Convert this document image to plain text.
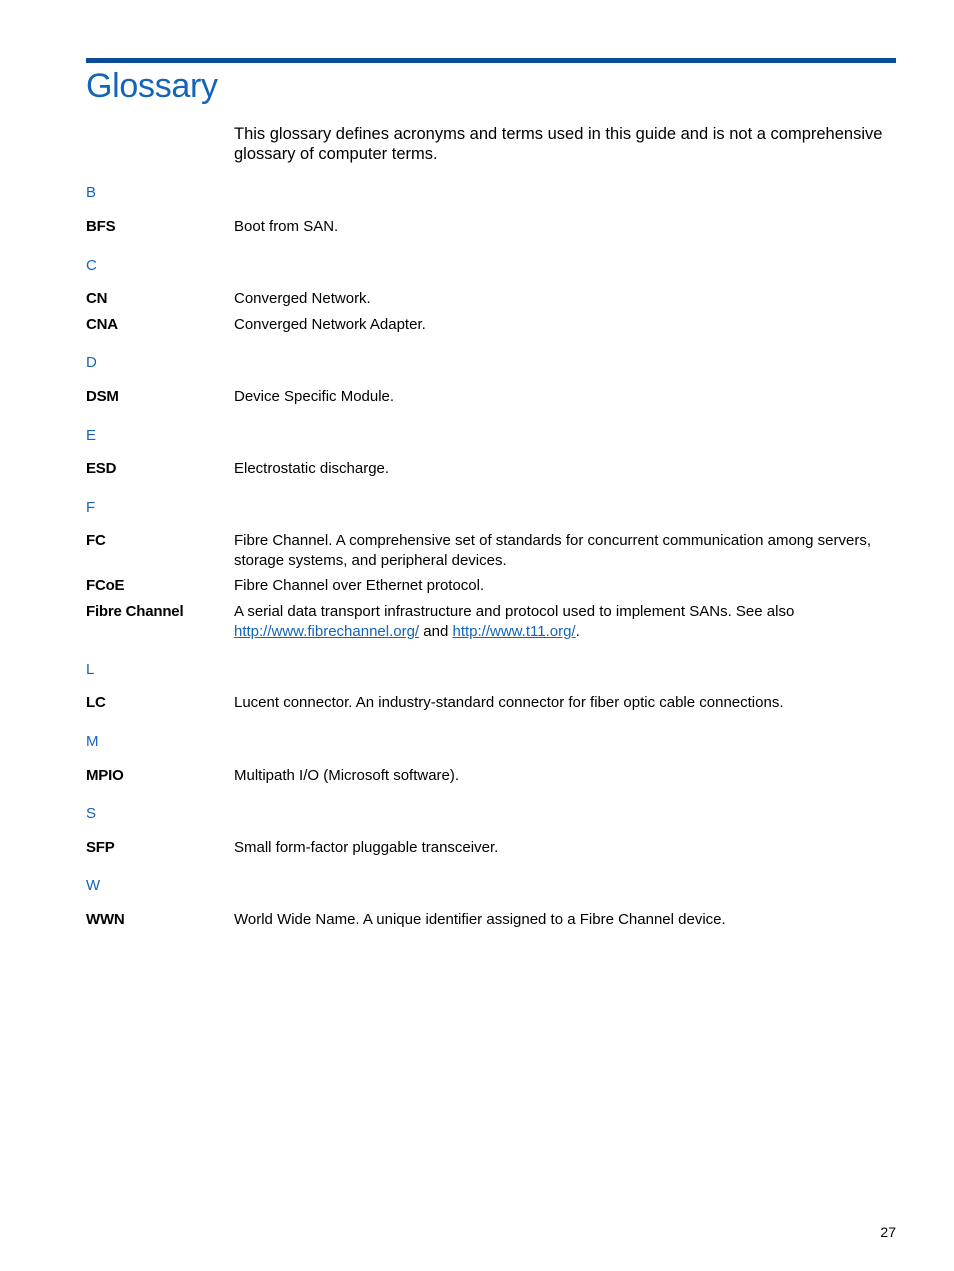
Glossary

This glossary defines acronyms and terms used in this guide and is not a comprehensive glossary of computer terms.

B
BFS	Boot from SAN.
C
CN	Converged Network.
CNA	Converged Network Adapter.
D
DSM	Device Specific Module.
E
ESD	Electrostatic discharge.
F
FC	Fibre Channel. A comprehensive set of standards for concurrent communication among servers, storage systems, and peripheral devices.
FCoE	Fibre Channel over Ethernet protocol.
Fibre Channel	A serial data transport infrastructure and protocol used to implement SANs. See also http://www.fibrechannel.org/ and http://www.t11.org/.
L
LC	Lucent connector. An industry-standard connector for fiber optic cable connections.
M
MPIO	Multipath I/O (Microsoft software).
S
SFP	Small form-factor pluggable transceiver.
W
WWN	World Wide Name. A unique identifier assigned to a Fibre Channel device.
27
